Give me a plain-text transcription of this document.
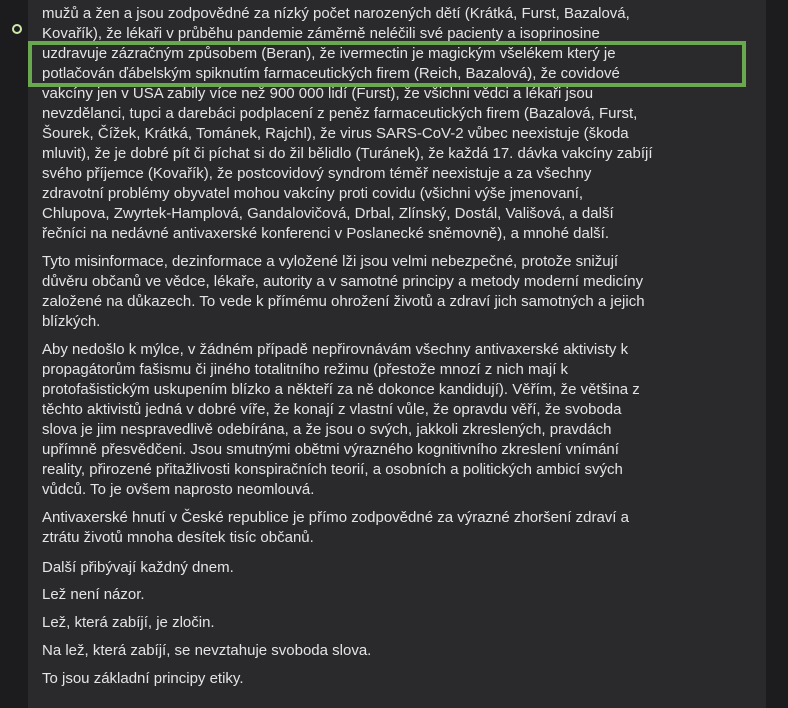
mužů a žen a jsou zodpovědné za nízký počet narozených dětí (Krátká, Furst, Bazalová,
Kovařík), že lékaři v průběhu pandemie záměrně neléčili své pacienty a isoprinosine
uzdravuje zázračným způsobem (Beran), že ivermectin je magickým všelékem který je
potlačován ďábelským spiknutím farmaceutických firem (Reich, Bazalová), že covidové
vakcíny jen v USA zabily více než 900 000 lidí (Furst), že všichni vědci a lékaři jsou
nevzdělanci, tupci a darebáci podplacení z peněz farmaceutických firem (Bazalová, Furst,
Šourek, Čížek, Krátká, Tománek, Rajchl), že virus SARS-CoV-2 vůbec neexistuje (škoda
mluvit), že je dobré pít či píchat si do žil bělidlo (Turánek), že každá 17. dávka vakcíny zabíjí
svého příjemce (Kovařík), že postcovidový syndrom téměř neexistuje a za všechny
zdravotní problémy obyvatel mohou vakcíny proti covidu (všichni výše jmenovaní,
Chlupova, Zwyrtek-Hamplová, Gandalovičová, Drbal, Zlínský, Dostál, Vališová, a další
řečníci na nedávné antivaxerské konferenci v Poslanecké sněmovně), a mnohé další.

Tyto misinformace, dezinformace a vyložené lži jsou velmi nebezpečné, protože snižují
důvěru občanů ve vědce, lékaře, autority a v samotné principy a metody moderní medicíny
založené na důkazech. To vede k přímému ohrožení životů a zdraví jich samotných a jejich
blízkých.

Aby nedošlo k mýlce, v žádném případě nepřirovnávám všechny antivaxerské aktivisty k
propagátorům fašismu či jiného totalitního režimu (přestože mnozí z nich mají k
protofašistickým uskupením blízko a někteří za ně dokonce kandidují). Věřím, že většina z
těchto aktivistů jedná v dobré víře, že konají z vlastní vůle, že opravdu věří, že svoboda
slova je jim nespravedlivě odebírána, a že jsou o svých, jakkoli zkreslených, pravdách
upřímně přesvědčeni. Jsou smutnými obětmi výrazného kognitivního zkreslení vnímání
reality, přirozené přitažlivosti konspiračních teorií, a osobních a politických ambicí svých
vůdců. To je ovšem naprosto neomlouvá.

Antivaxerské hnutí v České republice je přímo zodpovědné za výrazné zhoršení zdraví a
ztrátu životů mnoha desítek tisíc občanů.

Další přibývají každný dnem.

Lež není názor.

Lež, která zabíjí, je zločin.

Na lež, která zabíjí, se nevztahuje svoboda slova.

To jsou základní principy etiky.
